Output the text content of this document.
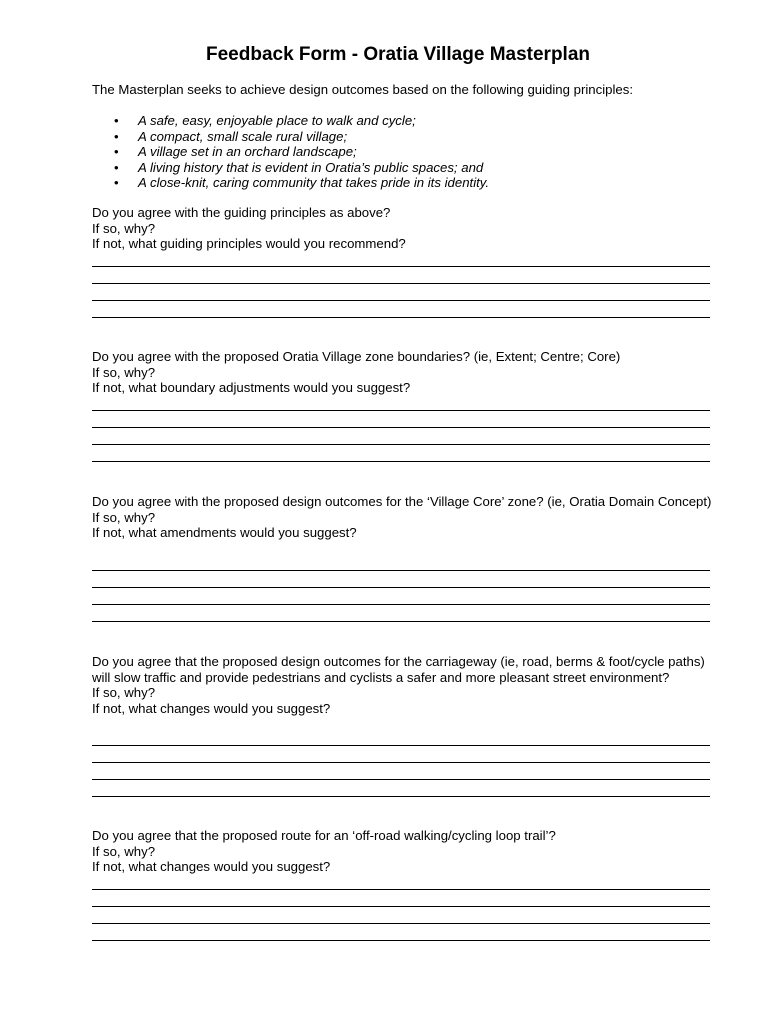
Feedback Form - Oratia Village Masterplan
The Masterplan seeks to achieve design outcomes based on the following guiding principles:
• A safe, easy, enjoyable place to walk and cycle;
• A compact, small scale rural village;
• A village set in an orchard landscape;
• A living history that is evident in Oratia’s public spaces; and
• A close-knit, caring community that takes pride in its identity.

Do you agree with the guiding principles as above?

If so, why?

If not, what guiding principles would you recommend?

Do you agree with the proposed Oratia Village zone boundaries? (ie, Extent; Centre; Core)

If so, why?

If not, what boundary adjustments would you suggest?

Do you agree with the proposed design outcomes for the ‘Village Core’ zone? (ie, Oratia Domain Concept)

If so, why?

If not, what amendments would you suggest?

Do you agree that the proposed design outcomes for the carriageway (ie, road, berms & foot/cycle paths) will slow traffic and provide pedestrians and cyclists a safer and more pleasant street environment?

If so, why?

If not, what changes would you suggest?

Do you agree that the proposed route for an ‘off-road walking/cycling loop trail’?

If so, why?

If not, what changes would you suggest?
